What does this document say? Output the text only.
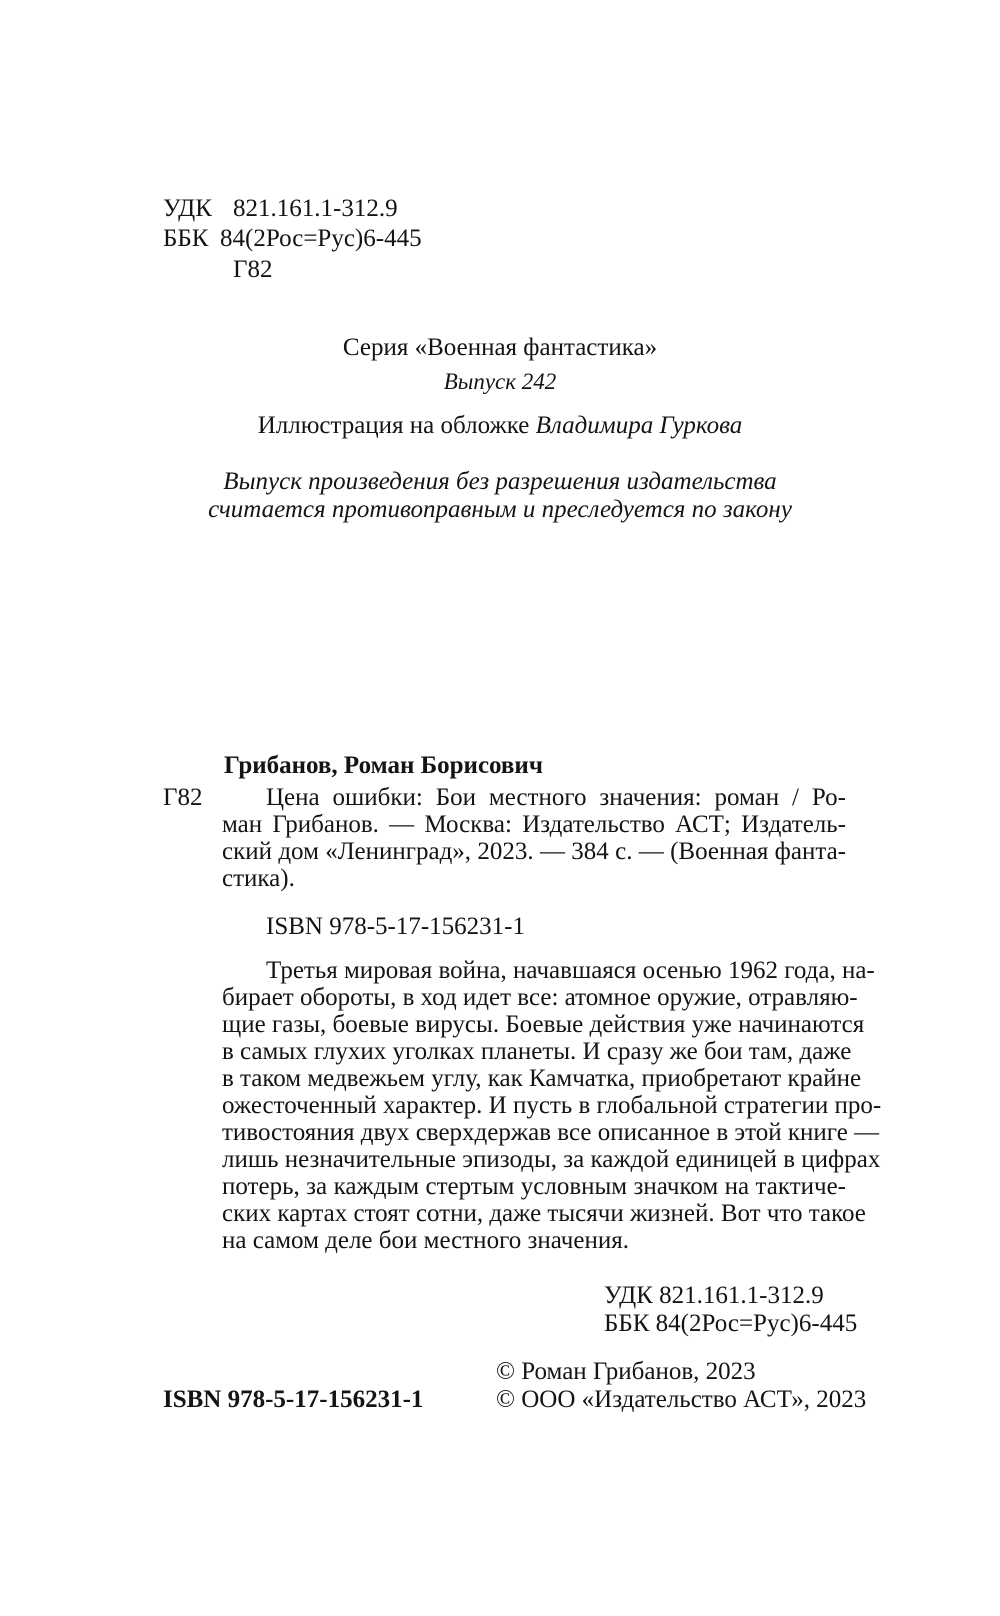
УДК 821.161.1-312.9
ББК 84(2Рос=Рус)6-445
Г82
Серия «Военная фантастика»
Выпуск 242
Иллюстрация на обложке Владимира Гуркова
Выпуск произведения без разрешения издательства
считается противоправным и преследуется по закону
Грибанов, Роман Борисович
Г82	Цена ошибки: Бои местного значения: роман / Ро-
ман Грибанов. — Москва: Издательство АСТ; Издатель-
ский дом «Ленинград», 2023. — 384 с. — (Военная фанта-
стика).
ISBN 978-5-17-156231-1
Третья мировая война, начавшаяся осенью 1962 года, на-
бирает обороты, в ход идет все: атомное оружие, отравляю-
щие газы, боевые вирусы. Боевые действия уже начинаются
в самых глухих уголках планеты. И сразу же бои там, даже
в таком медвежьем углу, как Камчатка, приобретают крайне
ожесточенный характер. И пусть в глобальной стратегии про-
тивостояния двух сверхдержав все описанное в этой книге —
лишь незначительные эпизоды, за каждой единицей в цифрах
потерь, за каждым стертым условным значком на тактиче-
ских картах стоят сотни, даже тысячи жизней. Вот что такое
на самом деле бои местного значения.
УДК 821.161.1-312.9
ББК 84(2Рос=Рус)6-445
© Роман Грибанов, 2023
© ООО «Издательство АСТ», 2023
ISBN 978-5-17-156231-1
